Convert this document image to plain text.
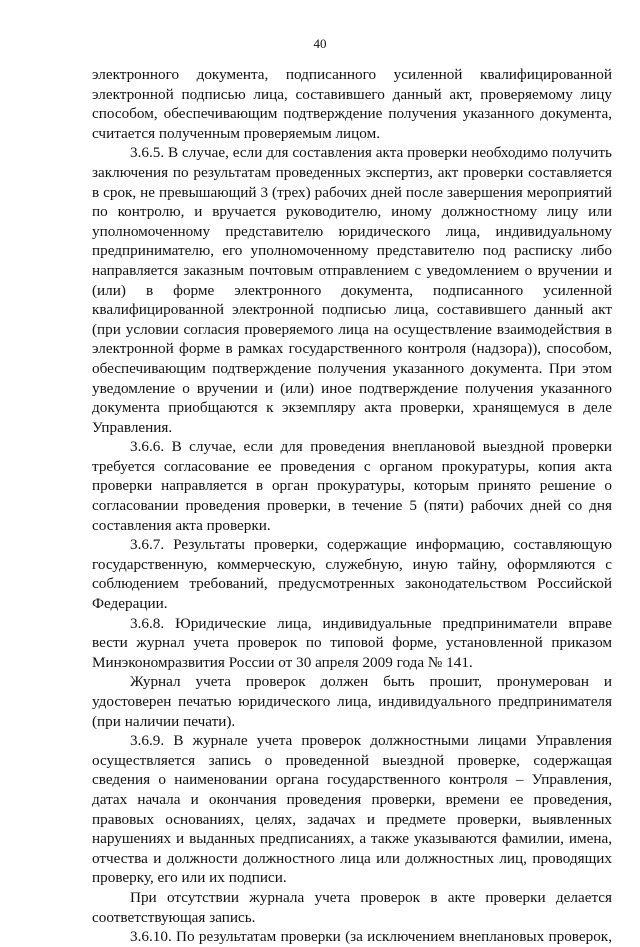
40

электронного документа, подписанного усиленной квалифицированной электронной подписью лица, составившего данный акт, проверяемому лицу способом, обеспечивающим подтверждение получения указанного документа, считается полученным проверяемым лицом.

3.6.5. В случае, если для составления акта проверки необходимо получить заключения по результатам проведенных экспертиз, акт проверки составляется в срок, не превышающий 3 (трех) рабочих дней после завершения мероприятий по контролю, и вручается руководителю, иному должностному лицу или уполномоченному представителю юридического лица, индивидуальному предпринимателю, его уполномоченному представителю под расписку либо направляется заказным почтовым отправлением с уведомлением о вручении и (или) в форме электронного документа, подписанного усиленной квалифицированной электронной подписью лица, составившего данный акт (при условии согласия проверяемого лица на осуществление взаимодействия в электронной форме в рамках государственного контроля (надзора)), способом, обеспечивающим подтверждение получения указанного документа. При этом уведомление о вручении и (или) иное подтверждение получения указанного документа приобщаются к экземпляру акта проверки, хранящемуся в деле Управления.

3.6.6. В случае, если для проведения внеплановой выездной проверки требуется согласование ее проведения с органом прокуратуры, копия акта проверки направляется в орган прокуратуры, которым принято решение о согласовании проведения проверки, в течение 5 (пяти) рабочих дней со дня составления акта проверки.

3.6.7. Результаты проверки, содержащие информацию, составляющую государственную, коммерческую, служебную, иную тайну, оформляются с соблюдением требований, предусмотренных законодательством Российской Федерации.

3.6.8. Юридические лица, индивидуальные предприниматели вправе вести журнал учета проверок по типовой форме, установленной приказом Минэкономразвития России от 30 апреля 2009 года № 141.

Журнал учета проверок должен быть прошит, пронумерован и удостоверен печатью юридического лица, индивидуального предпринимателя (при наличии печати).

3.6.9. В журнале учета проверок должностными лицами Управления осуществляется запись о проведенной выездной проверке, содержащая сведения о наименовании органа государственного контроля – Управления, датах начала и окончания проведения проверки, времени ее проведения, правовых основаниях, целях, задачах и предмете проверки, выявленных нарушениях и выданных предписаниях, а также указываются фамилии, имена, отчества и должности должностного лица или должностных лиц, проводящих проверку, его или их подписи.

При отсутствии журнала учета проверок в акте проверки делается соответствующая запись.

3.6.10. По результатам проверки (за исключением внеплановых проверок,
